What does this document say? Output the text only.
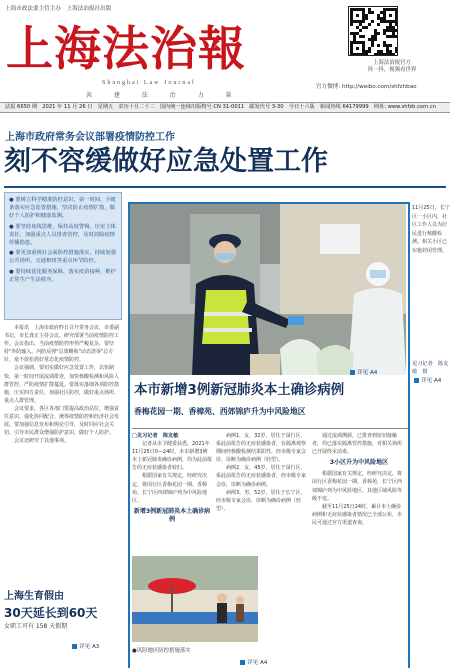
上海市政法委主管主办　上海法治报社出版
上海法治報
Shanghai Law Journal
共 建 法 治 力 量
上海法治报官方
抖一抖，视频看世界
官方微博: http://weibo.com/shfzhbao
法报 6650 期　2021 年 11 月 26 日　星期五　农历十月二十二　国内统一连续出版物号 CN 31-0011　邮发代号 3-30　今日十六版　新闻热线 64179999　网址: www.shfzb.com.cn
上海市政府常务会议部署疫情防控工作
刻不容缓做好应急处置工作

● 要树立科学精准防控意识，第一时间、全链条落实应急处置措施，坚决防止疫情扩散，做好个人防护和健康监测。

● 要坚持底线思维，保持高度警惕，压实主体责任，加强重点人员排查管控，及时消除疫情传播隐患。

● 要更加重视社会面防控措施落实，持续加强公共场所、交通枢纽等重点环节防控。

● 要持续优化服务保障，落实疫苗接种，维护正常生产生活秩序。

本报讯　上海市政府昨日召开常务会议，市委副书记、市长龚正主持会议，研究部署当前疫情防控工作。会议指出，当前疫情防控形势严峻复杂，要坚持"外防输入、内防反弹"总策略和"动态清零"总方针，毫不放松抓好常态化疫情防控。

会议强调，要切实做好应急处置工作，以快制快，第一时间开展流调排查，加快核酸检测和风险人群管控，严防疫情扩散蔓延。要落实落细各项防控措施，压实四方责任，加强社区防控，做好重点场所、重点人群管理。

会议要求，各区各部门要提高政治站位，增强责任意识，强化协同配合，统筹疫情防控和经济社会发展。要加强信息发布和舆论引导，及时回应社会关切，引导市民群众增强防护意识，做好个人防护。

会议还研究了其他事项。

上海生育假由
30天延长到60天
女职工可有 158 天假期
详见 A3
详见 A4

11月25日，长宁区一小区内，社区工作人员为居民进行核酸检测。相关小区已实施封闭管理。

见习记者　陈友敏　摄
详见 A4
本市新增3例新冠肺炎本土确诊病例
香梅花园一期、香樟苑、西郊锦庐升为中风险地区

□见习记者　陈友敏

记者从市卫健委获悉，2021年11月25日0—24时，本市新增3例本土新冠肺炎确诊病例，均为此前报告的无症状感染者转归。

根据国家有关规定，经研究决定，将闵行区香梅花园一期、香樟苑、长宁区西郊锦庐列为中风险地区。

新增3例新冠肺炎本土确诊病例

病例1，女，32岁，居住于闵行区，系此前报告的无症状感染者，在隔离观察期间经核酸检测结果阳性，经市级专家会诊，诊断为确诊病例（轻型）。

病例2，女，45岁，居住于闵行区，系此前报告的无症状感染者，经市级专家会诊，诊断为确诊病例。

病例3，男，52岁，居住于长宁区，经市级专家会诊，诊断为确诊病例（轻型）。

通过流调溯源，已排查到密切接触者，均已落实隔离管控措施，对相关场所已开展终末消毒。

3小区升为中风险地区

根据国家有关规定，经研究决定，将闵行区香梅花园一期、香樟苑，长宁区西郊锦庐列为中风险地区，其他区域风险等级不变。

截至11月25日24时，累计本土确诊病例和无症状感染者情况已全部公布，市民可通过官方渠道查询。

●风险地区防控措施落实
详见 A4
